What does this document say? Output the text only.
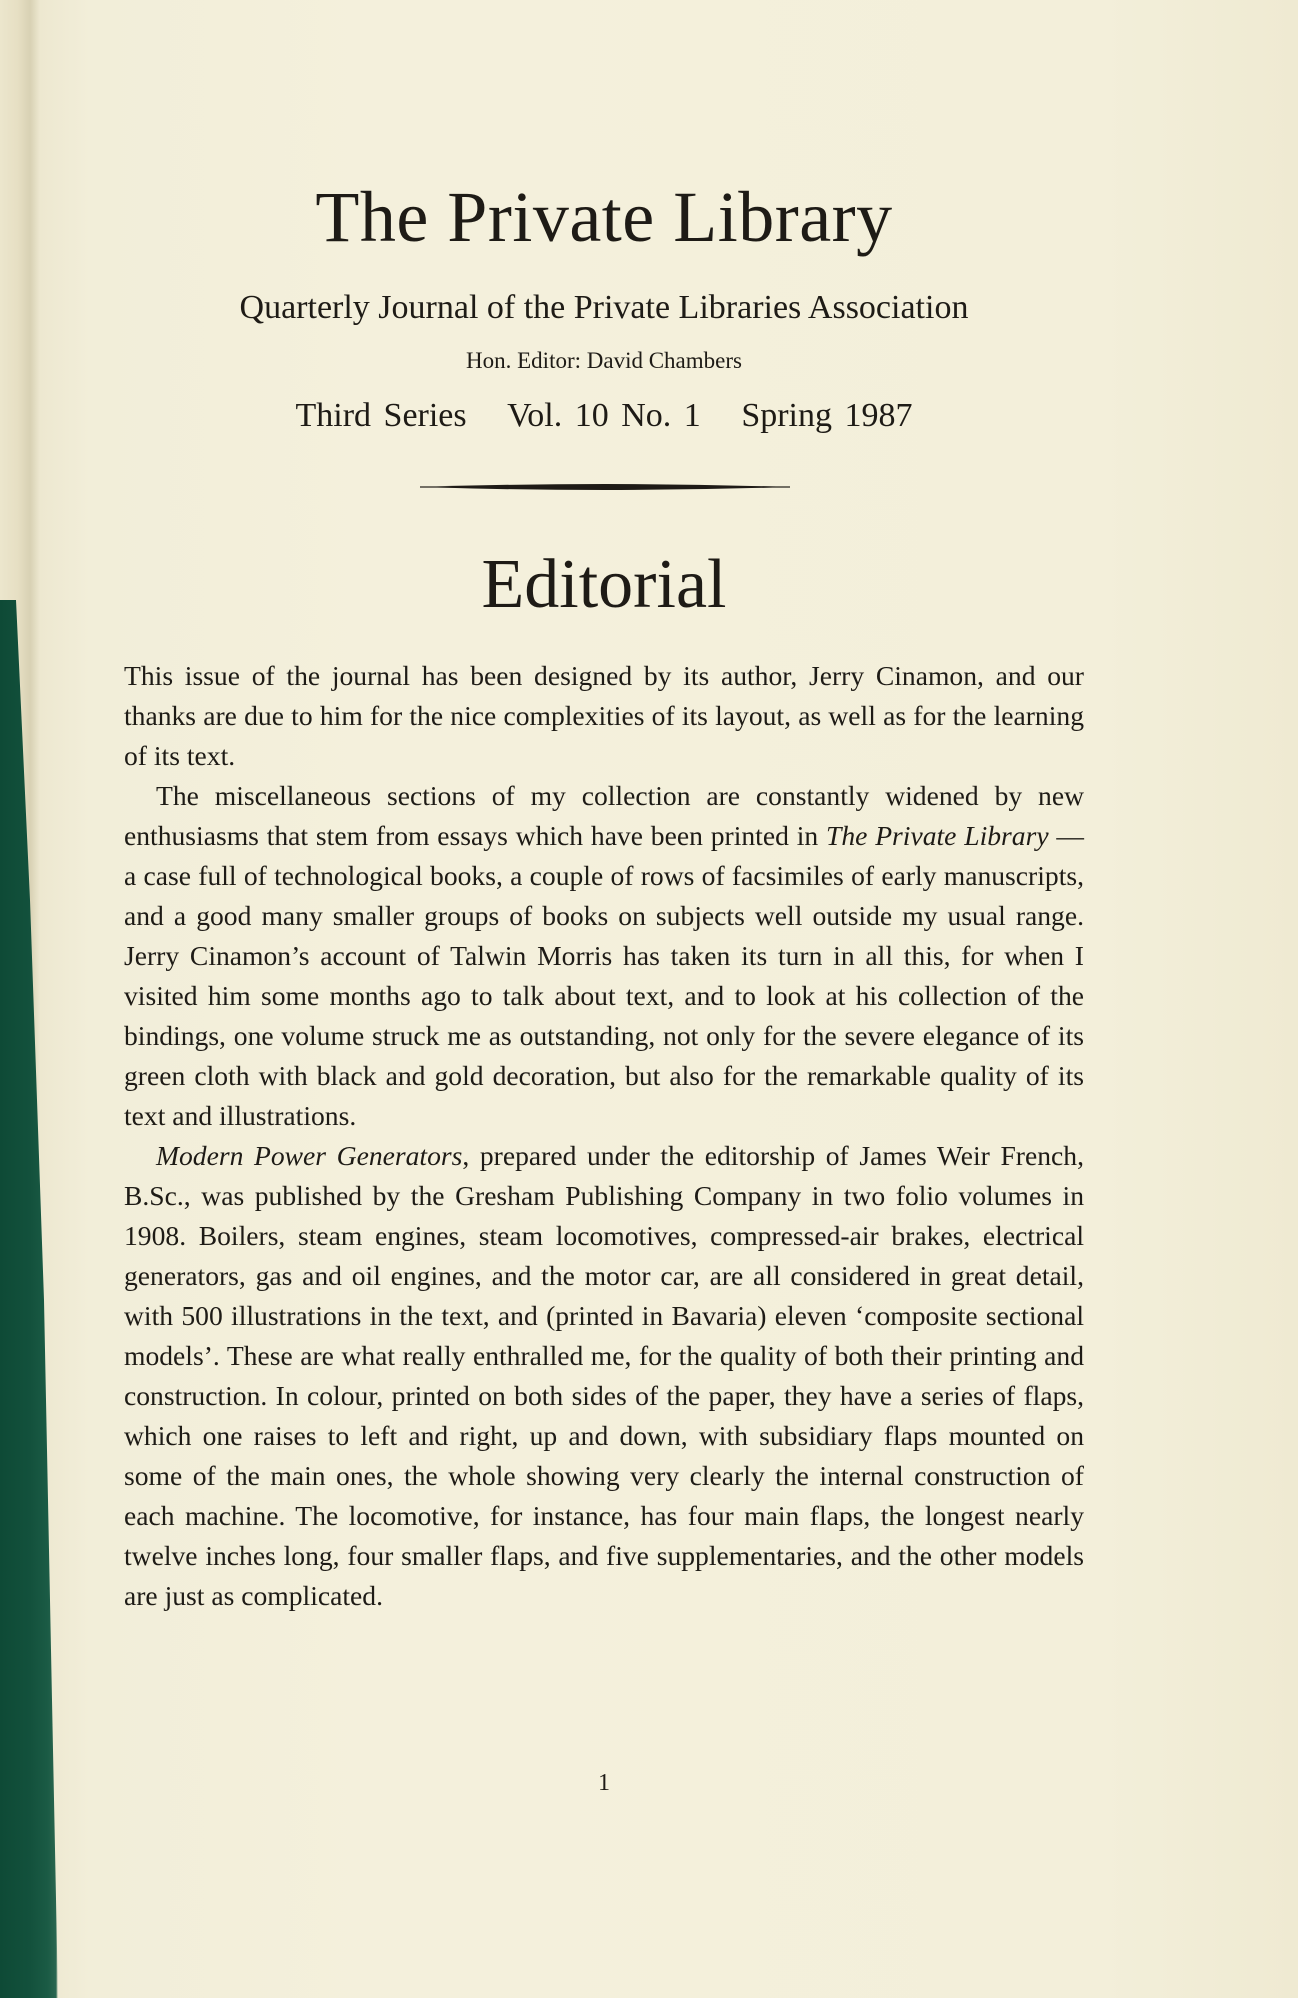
The Private Library

Quarterly Journal of the Private Libraries Association

Hon. Editor: David Chambers

Third Series Vol. 10 No. 1 Spring 1987

Editorial

This issue of the journal has been designed by its author, Jerry Cinamon, and our thanks are due to him for the nice complexities of its layout, as well as for the learning of its text.

The miscellaneous sections of my collection are constantly widened by new enthusiasms that stem from essays which have been printed in The Private Library — a case full of technological books, a couple of rows of facsimiles of early manuscripts, and a good many smaller groups of books on subjects well outside my usual range. Jerry Cinamon’s account of Talwin Morris has taken its turn in all this, for when I visited him some months ago to talk about text, and to look at his collection of the bindings, one volume struck me as outstanding, not only for the severe elegance of its green cloth with black and gold decoration, but also for the remarkable quality of its text and illustrations.

Modern Power Generators, prepared under the editorship of James Weir French, B.Sc., was published by the Gresham Publishing Company in two folio volumes in 1908. Boilers, steam engines, steam locomotives, compressed-air brakes, electrical generators, gas and oil engines, and the motor car, are all considered in great detail, with 500 illustrations in the text, and (printed in Bavaria) eleven ‘composite sectional models’. These are what really enthralled me, for the quality of both their printing and construction. In colour, printed on both sides of the paper, they have a series of flaps, which one raises to left and right, up and down, with subsidiary flaps mounted on some of the main ones, the whole showing very clearly the internal construction of each machine. The locomotive, for instance, has four main flaps, the longest nearly twelve inches long, four smaller flaps, and five supplementaries, and the other models are just as complicated.

1
